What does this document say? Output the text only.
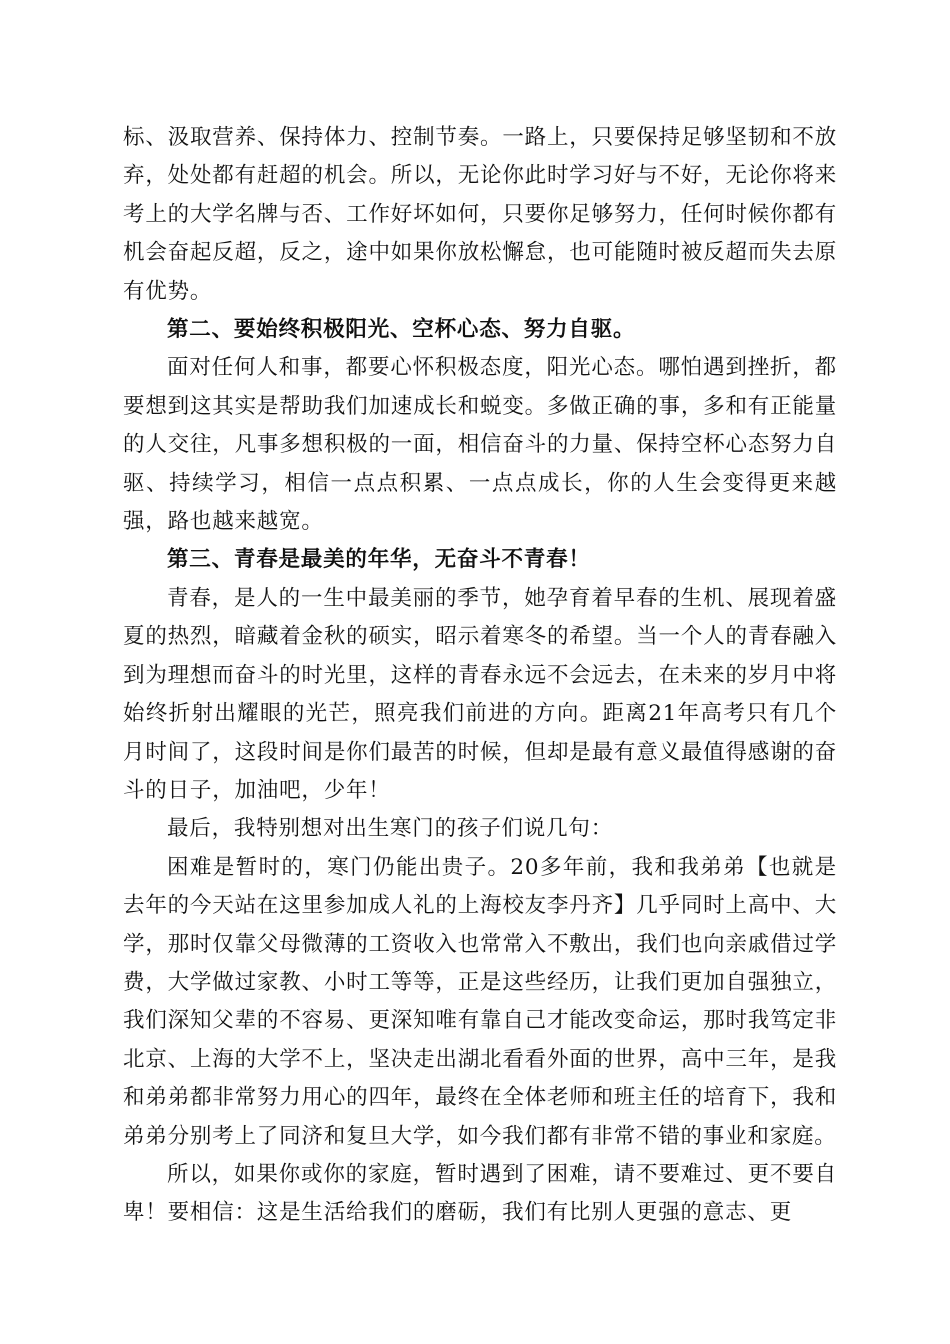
标、汲取营养、保持体力、控制节奏。一路上，只要保持足够坚韧和不放弃，处处都有赶超的机会。所以，无论你此时学习好与不好，无论你将来考上的大学名牌与否、工作好坏如何，只要你足够努力，任何时候你都有机会奋起反超，反之，途中如果你放松懈怠，也可能随时被反超而失去原有优势。

第二、要始终积极阳光、空杯心态、努力自驱。

面对任何人和事，都要心怀积极态度，阳光心态。哪怕遇到挫折，都要想到这其实是帮助我们加速成长和蜕变。多做正确的事，多和有正能量的人交往，凡事多想积极的一面，相信奋斗的力量、保持空杯心态努力自驱、持续学习，相信一点点积累、一点点成长，你的人生会变得更来越强，路也越来越宽。

第三、青春是最美的年华，无奋斗不青春！

青春，是人的一生中最美丽的季节，她孕育着早春的生机、展现着盛夏的热烈，暗藏着金秋的硕实，昭示着寒冬的希望。当一个人的青春融入到为理想而奋斗的时光里，这样的青春永远不会远去，在未来的岁月中将始终折射出耀眼的光芒，照亮我们前进的方向。距离21年高考只有几个月时间了，这段时间是你们最苦的时候，但却是最有意义最值得感谢的奋斗的日子，加油吧，少年！

最后，我特别想对出生寒门的孩子们说几句：

困难是暂时的，寒门仍能出贵子。20多年前，我和我弟弟【也就是去年的今天站在这里参加成人礼的上海校友李丹齐】几乎同时上高中、大学，那时仅靠父母微薄的工资收入也常常入不敷出，我们也向亲戚借过学费，大学做过家教、小时工等等，正是这些经历，让我们更加自强独立，我们深知父辈的不容易、更深知唯有靠自己才能改变命运，那时我笃定非北京、上海的大学不上，坚决走出湖北看看外面的世界，高中三年，是我和弟弟都非常努力用心的四年，最终在全体老师和班主任的培育下，我和弟弟分别考上了同济和复旦大学，如今我们都有非常不错的事业和家庭。

所以，如果你或你的家庭，暂时遇到了困难，请不要难过、更不要自卑！要相信：这是生活给我们的磨砺，我们有比别人更强的意志、更
